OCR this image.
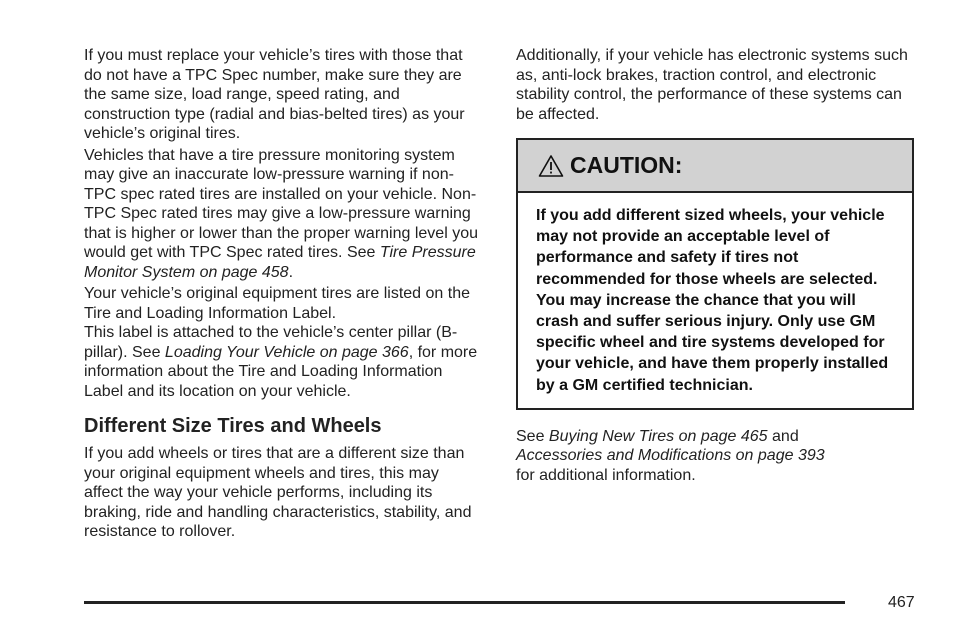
If you must replace your vehicle’s tires with those that do not have a TPC Spec number, make sure they are the same size, load range, speed rating, and construction type (radial and bias-belted tires) as your vehicle’s original tires.

Vehicles that have a tire pressure monitoring system may give an inaccurate low-pressure warning if non-TPC spec rated tires are installed on your vehicle. Non-TPC Spec rated tires may give a low-pressure warning that is higher or lower than the proper warning level you would get with TPC Spec rated tires. See Tire Pressure Monitor System on page 458.

Your vehicle’s original equipment tires are listed on the Tire and Loading Information Label.

This label is attached to the vehicle’s center pillar (B-pillar). See Loading Your Vehicle on page 366, for more information about the Tire and Loading Information Label and its location on your vehicle.

Different Size Tires and Wheels

If you add wheels or tires that are a different size than your original equipment wheels and tires, this may affect the way your vehicle performs, including its braking, ride and handling characteristics, stability, and resistance to rollover.

Additionally, if your vehicle has electronic systems such as, anti-lock brakes, traction control, and electronic stability control, the performance of these systems can be affected.

CAUTION:
If you add different sized wheels, your vehicle may not provide an acceptable level of performance and safety if tires not recommended for those wheels are selected. You may increase the chance that you will crash and suffer serious injury. Only use GM specific wheel and tire systems developed for your vehicle, and have them properly installed by a GM certified technician.

See Buying New Tires on page 465 and
Accessories and Modifications on page 393
for additional information.

467
